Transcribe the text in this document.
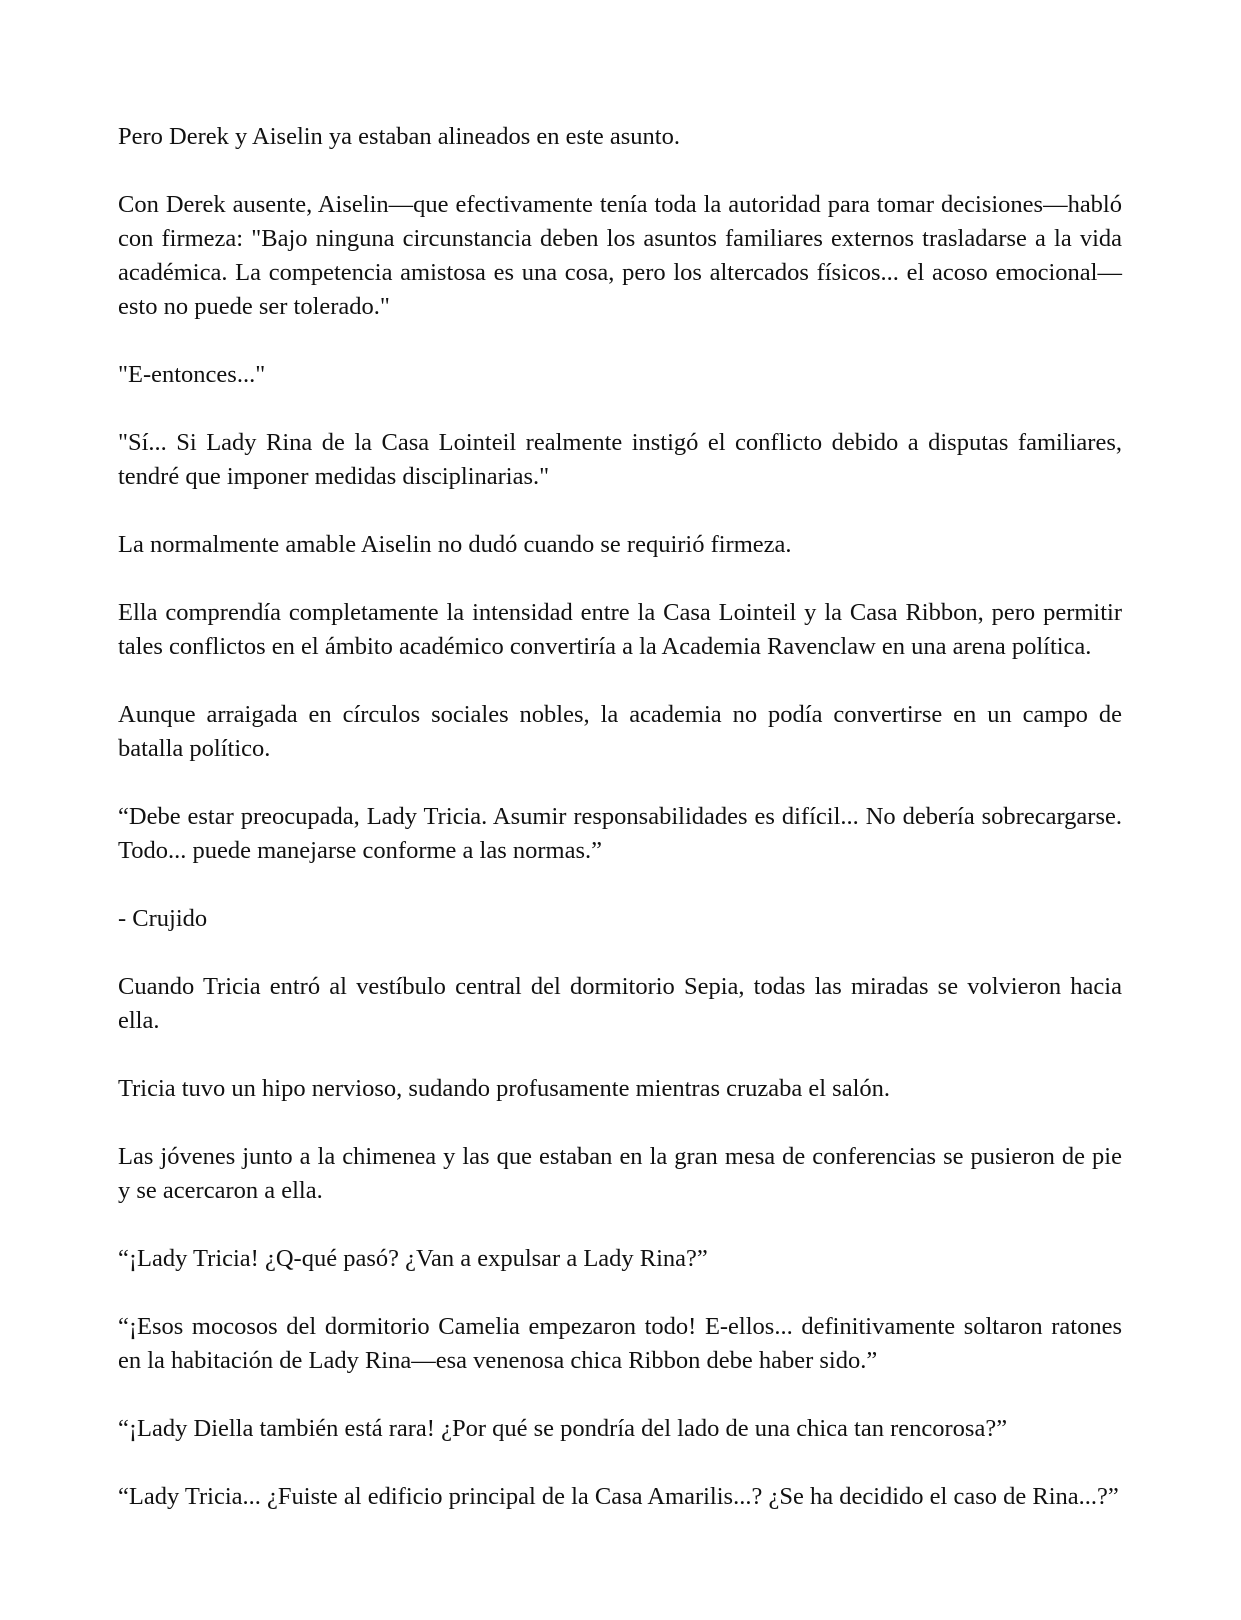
Pero Derek y Aiselin ya estaban alineados en este asunto.

Con Derek ausente, Aiselin—que efectivamente tenía toda la autoridad para tomar decisiones—habló con firmeza: "Bajo ninguna circunstancia deben los asuntos familiares externos trasladarse a la vida académica. La competencia amistosa es una cosa, pero los altercados físicos... el acoso emocional—esto no puede ser tolerado."

"E-entonces..."

"Sí... Si Lady Rina de la Casa Lointeil realmente instigó el conflicto debido a disputas familiares, tendré que imponer medidas disciplinarias."

La normalmente amable Aiselin no dudó cuando se requirió firmeza.

Ella comprendía completamente la intensidad entre la Casa Lointeil y la Casa Ribbon, pero permitir tales conflictos en el ámbito académico convertiría a la Academia Ravenclaw en una arena política.

Aunque arraigada en círculos sociales nobles, la academia no podía convertirse en un campo de batalla político.

“Debe estar preocupada, Lady Tricia. Asumir responsabilidades es difícil... No debería sobrecargarse. Todo... puede manejarse conforme a las normas.”

- Crujido

Cuando Tricia entró al vestíbulo central del dormitorio Sepia, todas las miradas se volvieron hacia ella.

Tricia tuvo un hipo nervioso, sudando profusamente mientras cruzaba el salón.

Las jóvenes junto a la chimenea y las que estaban en la gran mesa de conferencias se pusieron de pie y se acercaron a ella.

“¡Lady Tricia! ¿Q-qué pasó? ¿Van a expulsar a Lady Rina?”

“¡Esos mocosos del dormitorio Camelia empezaron todo! E-ellos... definitivamente soltaron ratones en la habitación de Lady Rina—esa venenosa chica Ribbon debe haber sido.”

“¡Lady Diella también está rara! ¿Por qué se pondría del lado de una chica tan rencorosa?”

“Lady Tricia... ¿Fuiste al edificio principal de la Casa Amarilis...? ¿Se ha decidido el caso de Rina...?”
